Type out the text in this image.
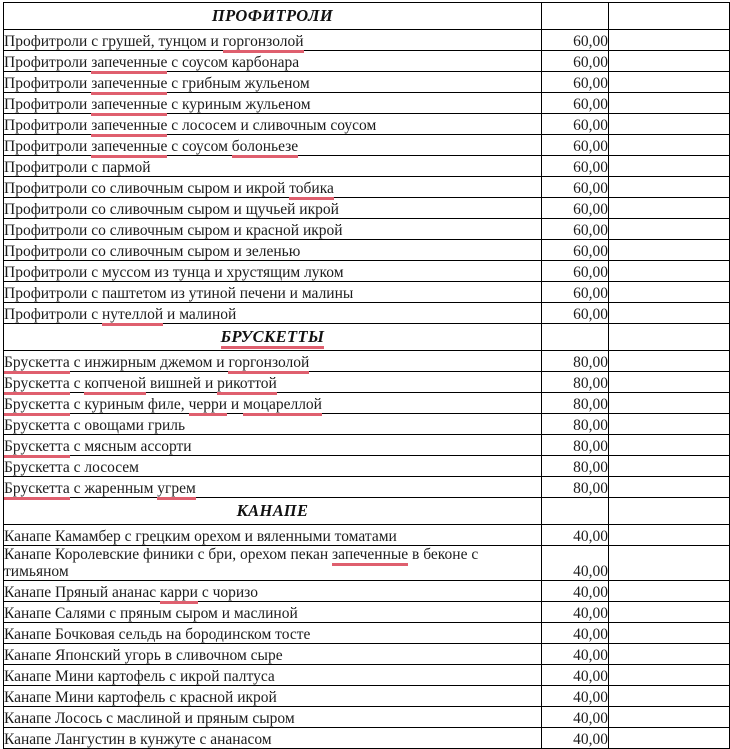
ПРОФИТРОЛИ		
Профитроли с грушей, тунцом и горгонзолой	60,00	
Профитроли запеченные с соусом карбонара	60,00	
Профитроли запеченные с грибным жульеном	60,00	
Профитроли запеченные с куриным жульеном	60,00	
Профитроли запеченные с лососем и сливочным соусом	60,00	
Профитроли запеченные с соусом болоньезе	60,00	
Профитроли с пармой	60,00	
Профитроли со сливочным сыром и икрой тобика	60,00	
Профитроли со сливочным сыром и щучьей икрой	60,00	
Профитроли со сливочным сыром и красной икрой	60,00	
Профитроли со сливочным сыром и зеленью	60,00	
Профитроли с муссом из тунца и хрустящим луком	60,00	
Профитроли с паштетом из утиной печени и малины	60,00	
Профитроли с нутеллой и малиной	60,00	
БРУСКЕТТЫ		
Брускетта с инжирным джемом и горгонзолой	80,00	
Брускетта с копченой вишней и рикоттой	80,00	
Брускетта с куриным филе, черри и моцареллой	80,00	
Брускетта с овощами гриль	80,00	
Брускетта с мясным ассорти	80,00	
Брускетта с лососем	80,00	
Брускетта с жаренным угрем	80,00	
КАНАПЕ		
Канапе Камамбер с грецким орехом и вяленными томатами	40,00	
Канапе Королевские финики с бри, орехом пекан запеченные в беконе с тимьяном	40,00	
Канапе Пряный ананас карри с чоризо	40,00	
Канапе Салями с пряным сыром и маслиной	40,00	
Канапе Бочковая сельдь на бородинском тосте	40,00	
Канапе Японский угорь в сливочном сыре	40,00	
Канапе Мини картофель с икрой палтуса	40,00	
Канапе Мини картофель с красной икрой	40,00	
Канапе Лосось с маслиной и пряным сыром	40,00	
Канапе Лангустин в кунжуте с ананасом	40,00	
